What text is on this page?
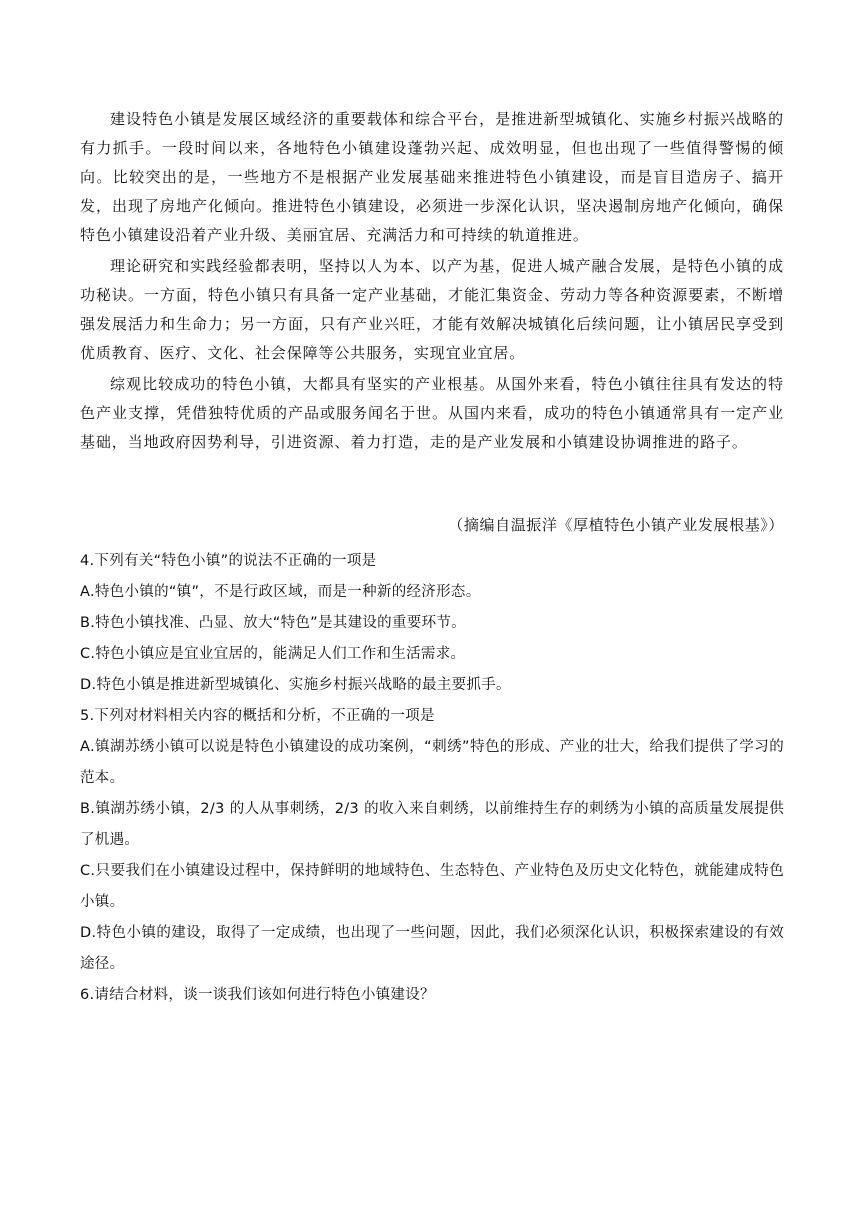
建设特色小镇是发展区域经济的重要载体和综合平台，是推进新型城镇化、实施乡村振兴战略的有力抓手。一段时间以来，各地特色小镇建设蓬勃兴起、成效明显，但也出现了一些值得警惕的倾向。比较突出的是，一些地方不是根据产业发展基础来推进特色小镇建设，而是盲目造房子、搞开发，出现了房地产化倾向。推进特色小镇建设，必须进一步深化认识，坚决遏制房地产化倾向，确保特色小镇建设沿着产业升级、美丽宜居、充满活力和可持续的轨道推进。

理论研究和实践经验都表明，坚持以人为本、以产为基，促进人城产融合发展，是特色小镇的成功秘诀。一方面，特色小镇只有具备一定产业基础，才能汇集资金、劳动力等各种资源要素，不断增强发展活力和生命力；另一方面，只有产业兴旺，才能有效解决城镇化后续问题，让小镇居民享受到优质教育、医疗、文化、社会保障等公共服务，实现宜业宜居。

综观比较成功的特色小镇，大都具有坚实的产业根基。从国外来看，特色小镇往往具有发达的特色产业支撑，凭借独特优质的产品或服务闻名于世。从国内来看，成功的特色小镇通常具有一定产业基础，当地政府因势利导，引进资源、着力打造，走的是产业发展和小镇建设协调推进的路子。

（摘编自温振洋《厚植特色小镇产业发展根基》）

4.下列有关“特色小镇”的说法不正确的一项是

A.特色小镇的“镇”，不是行政区域，而是一种新的经济形态。

B.特色小镇找准、凸显、放大“特色”是其建设的重要环节。

C.特色小镇应是宜业宜居的，能满足人们工作和生活需求。

D.特色小镇是推进新型城镇化、实施乡村振兴战略的最主要抓手。

5.下列对材料相关内容的概括和分析，不正确的一项是

A.镇湖苏绣小镇可以说是特色小镇建设的成功案例，“刺绣”特色的形成、产业的壮大，给我们提供了学习的范本。

B.镇湖苏绣小镇，2/3 的人从事刺绣，2/3 的收入来自刺绣，以前维持生存的刺绣为小镇的高质量发展提供了机遇。

C.只要我们在小镇建设过程中，保持鲜明的地域特色、生态特色、产业特色及历史文化特色，就能建成特色小镇。

D.特色小镇的建设，取得了一定成绩，也出现了一些问题，因此，我们必须深化认识，积极探索建设的有效途径。

6.请结合材料，谈一谈我们该如何进行特色小镇建设？
